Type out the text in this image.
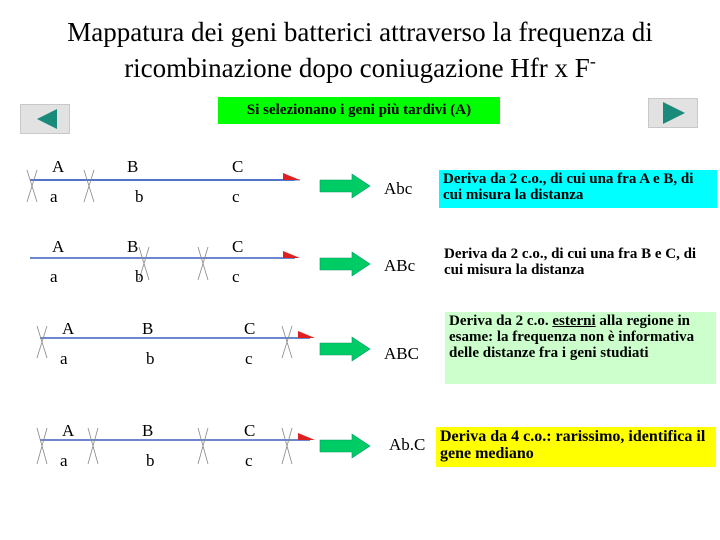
Mappatura dei geni batterici attraverso la frequenza di
ricombinazione dopo coniugazione Hfr x F-
Si selezionano i geni più tardivi (A)
A	B	C
a	b	c	Abc Deriva da 2 c.o., di cui una fra A e B, di cui misura la distanza
A	B	C
a	b	c
ABc
Deriva da 2 c.o., di cui una fra B e C, di cui misura la distanza
A	B	C
a	b	c	ABC
Deriva da 2 c.o. esterni alla regione in esame: la frequenza non è informativa delle distanze fra i geni studiati
A	B	C
a	b	c
Ab.C Deriva da 4 c.o.: rarissimo, identifica il gene mediano
